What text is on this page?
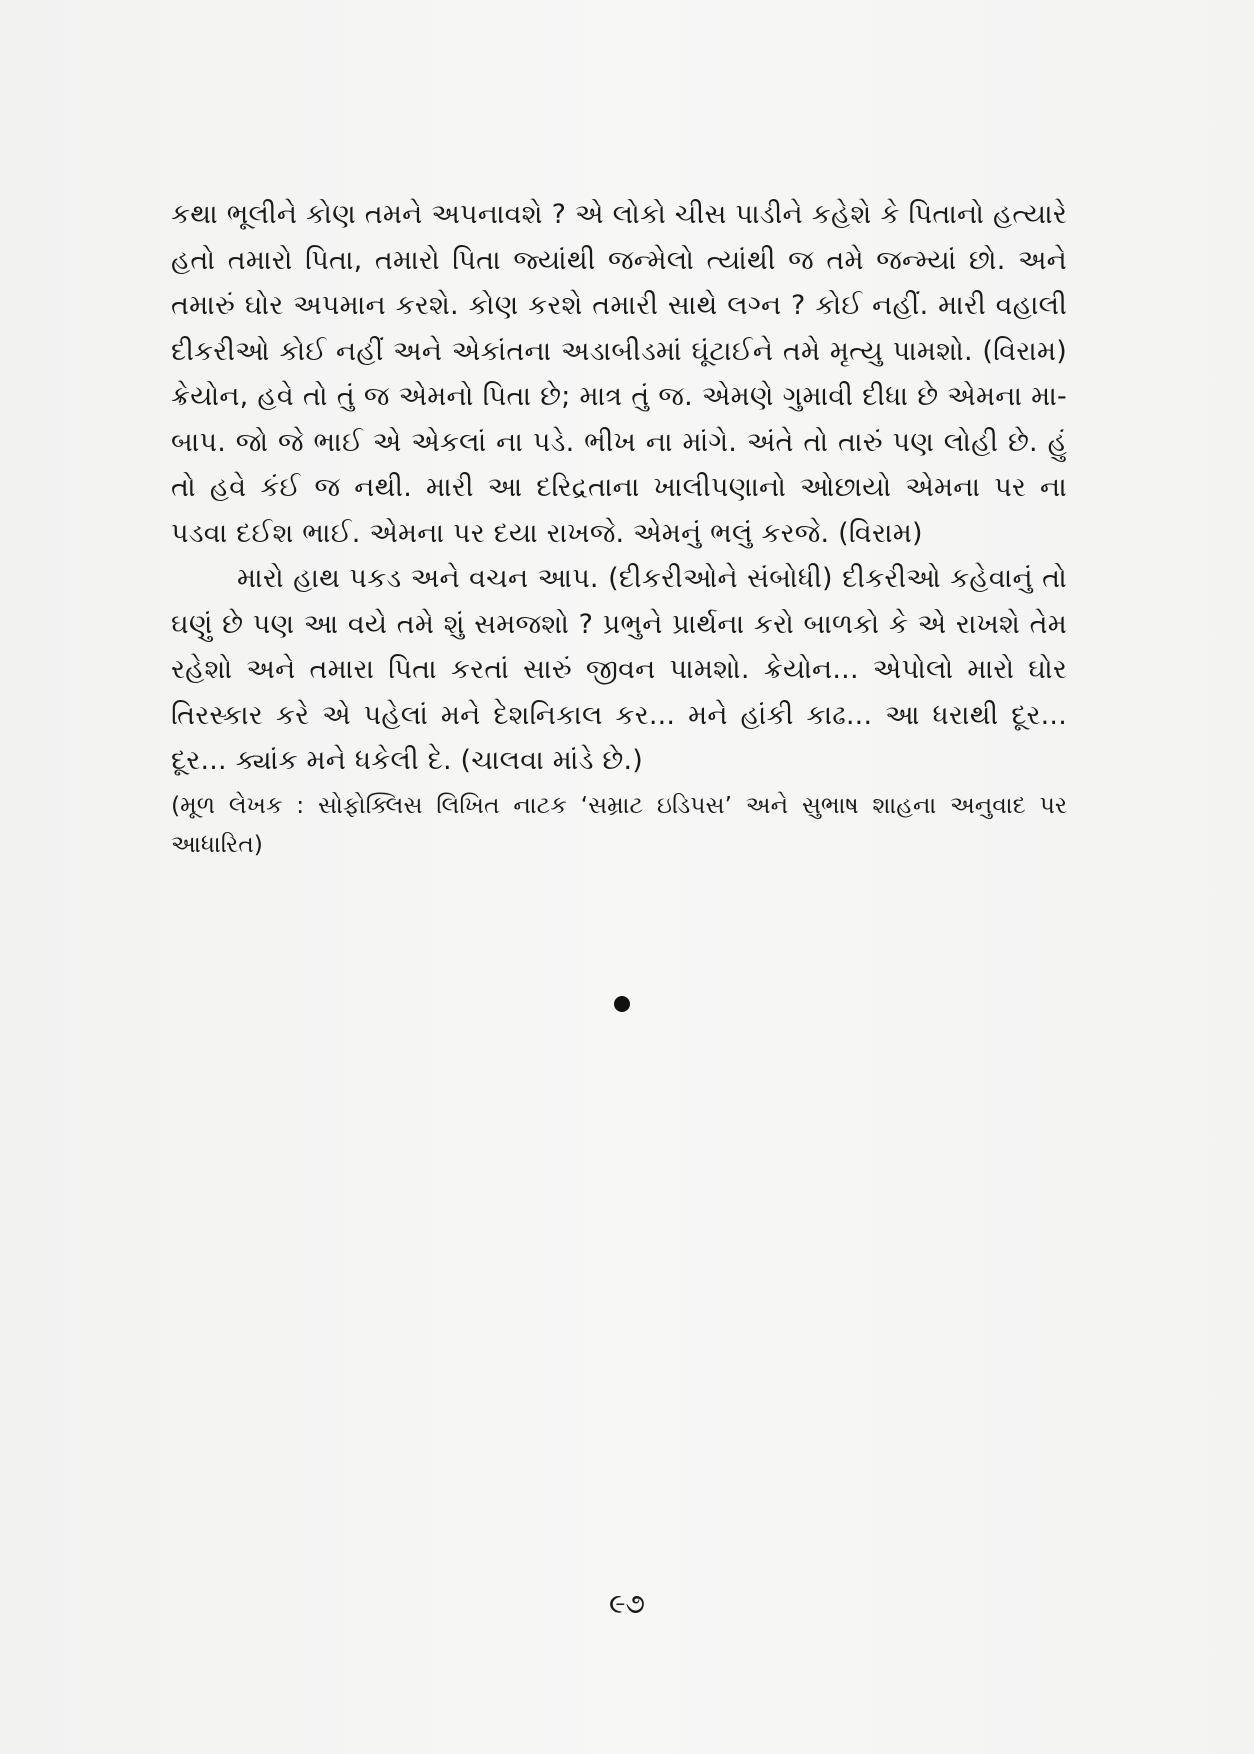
કથા ભૂલીને કોણ તમને અપનાવશે ? એ લોકો ચીસ પાડીને કહેશે કે પિતાનો હત્યારે હતો તમારો પિતા, તમારો પિતા જ્યાંથી જન્મેલો ત્યાંથી જ તમે જન્મ્યાં છો. અને તમારું ઘોર અપમાન કરશે. કોણ કરશે તમારી સાથે લગ્ન ? કોઈ નહીં. મારી વહાલી દીકરીઓ કોઈ નહીં અને એકાંતના અડાબીડમાં ઘૂંટાઈને તમે મૃત્યુ પામશો. (વિરામ) ક્રેયોન, હવે તો તું જ એમનો પિતા છે; માત્ર તું જ. એમણે ગુમાવી દીધા છે એમના મા-બાપ. જો જે ભાઈ એ એકલાં ના પડે. ભીખ ના માંગે. અંતે તો તારું પણ લોહી છે. હું તો હવે કંઈ જ નથી. મારી આ દરિદ્રતાના ખાલીપણાનો ઓછાયો એમના પર ના પડવા દઈશ ભાઈ. એમના પર દયા રાખજે. એમનું ભલું કરજે. (વિરામ)

મારો હાથ પકડ અને વચન આપ. (દીકરીઓને સંબોધી) દીકરીઓ કહેવાનું તો ઘણું છે પણ આ વયે તમે શું સમજશો ? પ્રભુને પ્રાર્થના કરો બાળકો કે એ રાખશે તેમ રહેશો અને તમારા પિતા કરતાં સારું જીવન પામશો. ક્રેયોન... એપોલો મારો ઘોર તિરસ્કાર કરે એ પહેલાં મને દેશનિકાલ કર... મને હાંકી કાઢ... આ ધરાથી દૂર... દૂર... ક્યાંક મને ધકેલી દે. (ચાલવા માંડે છે.)

(મૂળ લેખક : સોફોક્લિસ લિખિત નાટક ‘સમ્રાટ ઇડિપસ’ અને સુભાષ શાહના અનુવાદ પર આધારિત)

૯૭
